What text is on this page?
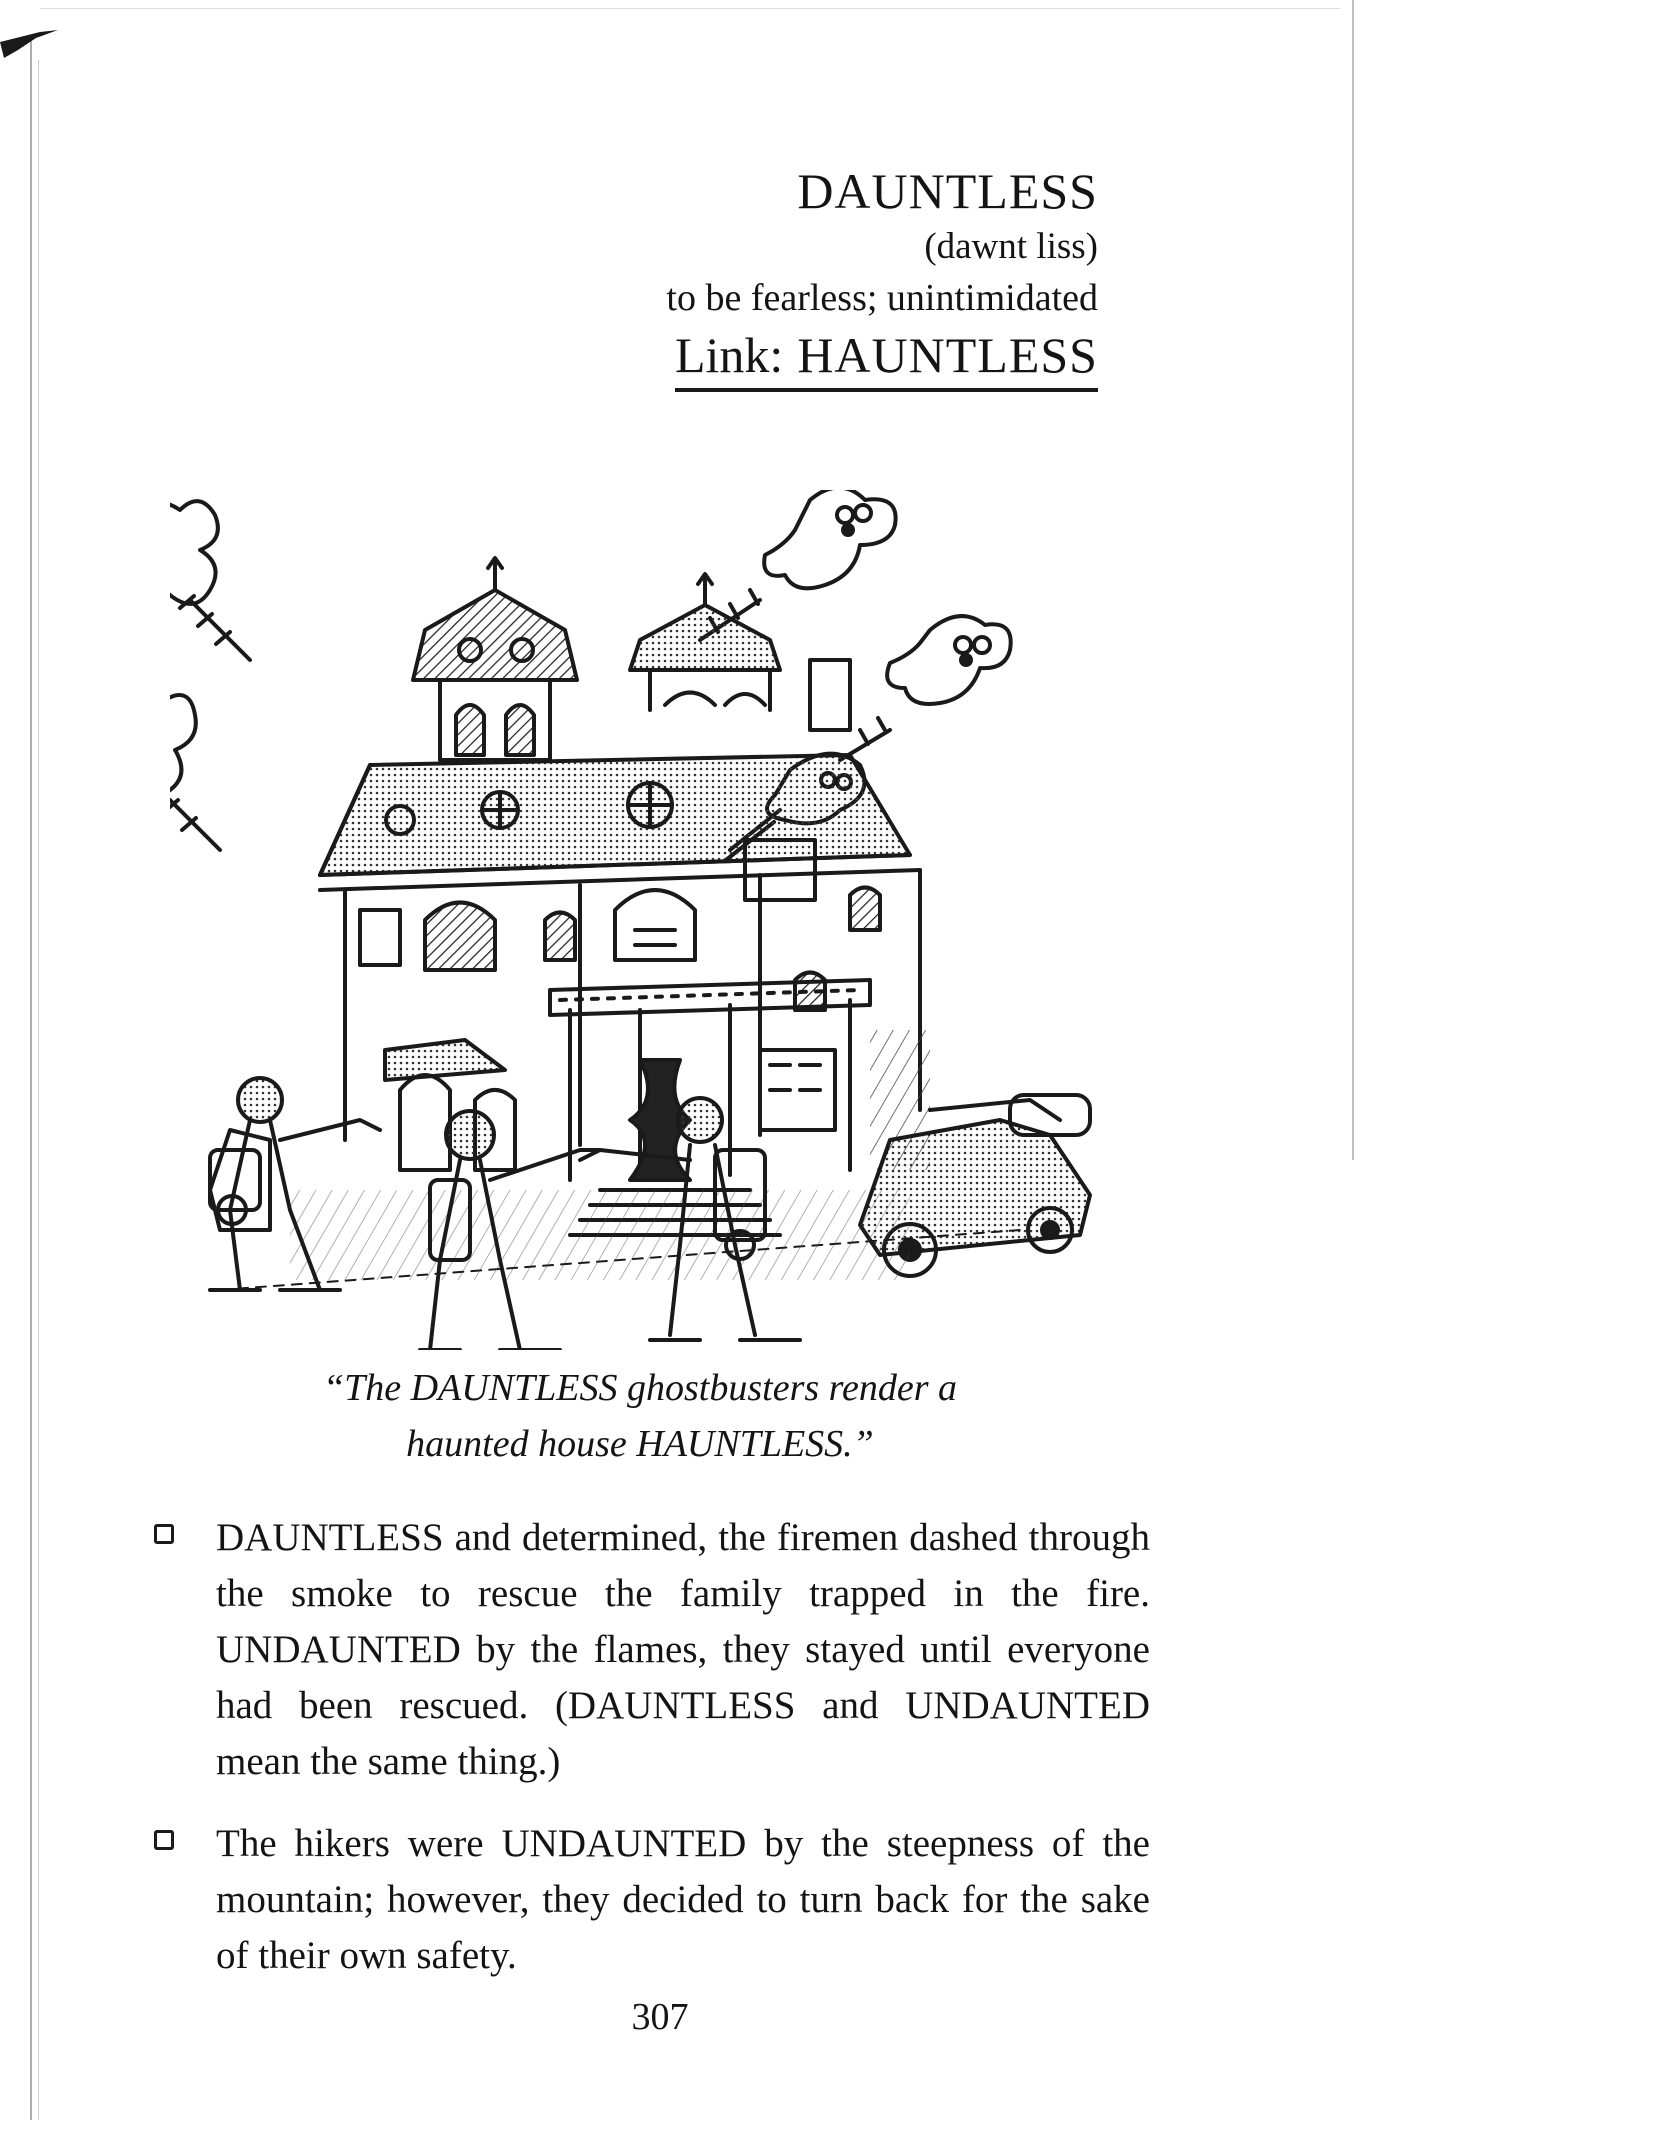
DAUNTLESS
(dawnt liss)
to be fearless; unintimidated
Link: HAUNTLESS
“The DAUNTLESS ghostbusters render a
haunted house HAUNTLESS.”
DAUNTLESS and determined, the firemen dashed through the smoke to rescue the family trapped in the fire. UNDAUNTED by the flames, they stayed until everyone had been rescued. (DAUNTLESS and UNDAUNTED mean the same thing.)
The hikers were UNDAUNTED by the steepness of the mountain; however, they decided to turn back for the sake of their own safety.
307
